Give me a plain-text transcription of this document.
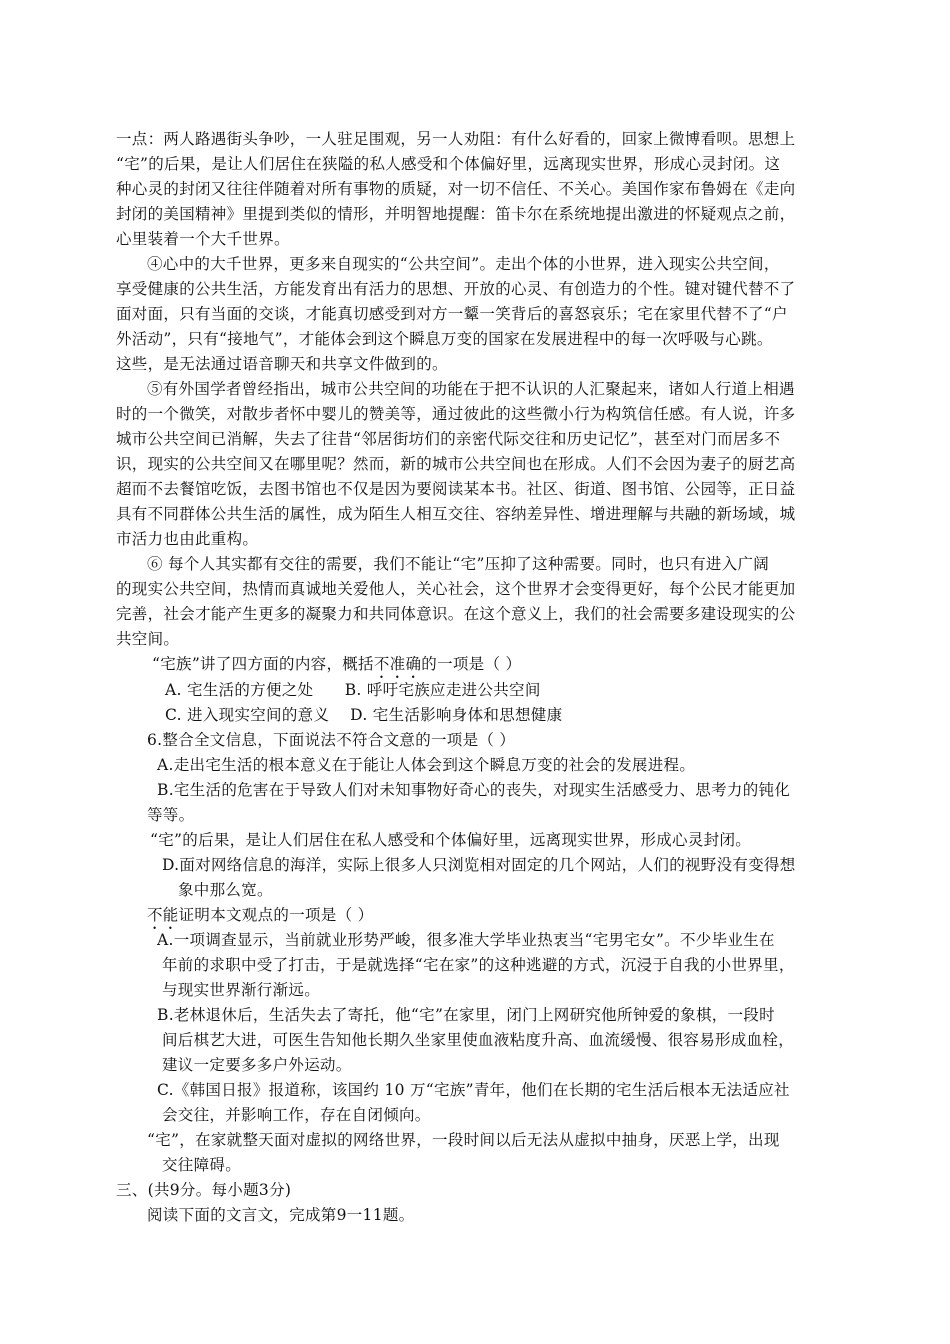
一点：两人路遇街头争吵，一人驻足围观，另一人劝阻：有什么好看的，回家上微博看呗。思想上
“宅”的后果，是让人们居住在狭隘的私人感受和个体偏好里，远离现实世界，形成心灵封闭。这
种心灵的封闭又往往伴随着对所有事物的质疑，对一切不信任、不关心。美国作家布鲁姆在《走向
封闭的美国精神》里提到类似的情形，并明智地提醒：笛卡尔在系统地提出激进的怀疑观点之前，
心里装着一个大千世界。
④心中的大千世界，更多来自现实的“公共空间”。走出个体的小世界，进入现实公共空间，
享受健康的公共生活，方能发育出有活力的思想、开放的心灵、有创造力的个性。键对键代替不了
面对面，只有当面的交谈，才能真切感受到对方一颦一笑背后的喜怒哀乐；宅在家里代替不了“户
外活动”，只有“接地气”，才能体会到这个瞬息万变的国家在发展进程中的每一次呼吸与心跳。
这些，是无法通过语音聊天和共享文件做到的。
⑤有外国学者曾经指出，城市公共空间的功能在于把不认识的人汇聚起来，诸如人行道上相遇
时的一个微笑，对散步者怀中婴儿的赞美等，通过彼此的这些微小行为构筑信任感。有人说，许多
城市公共空间已消解，失去了往昔“邻居街坊们的亲密代际交往和历史记忆”，甚至对门而居多不
识，现实的公共空间又在哪里呢？然而，新的城市公共空间也在形成。人们不会因为妻子的厨艺高
超而不去餐馆吃饭，去图书馆也不仅是因为要阅读某本书。社区、街道、图书馆、公园等，正日益
具有不同群体公共生活的属性，成为陌生人相互交往、容纳差异性、增进理解与共融的新场域，城
市活力也由此重构。
⑥ 每个人其实都有交往的需要，我们不能让“宅”压抑了这种需要。同时，也只有进入广阔
的现实公共空间，热情而真诚地关爱他人，关心社会，这个世界才会变得更好，每个公民才能更加
完善，社会才能产生更多的凝聚力和共同体意识。在这个意义上，我们的社会需要多建设现实的公
共空间。
“宅族”讲了四方面的内容，概括不准确的一项是（ ）
A. 宅生活的方便之处      B. 呼吁宅族应走进公共空间
C. 进入现实空间的意义    D. 宅生活影响身体和思想健康
6.整合全文信息，下面说法不符合文意的一项是（ ）
A.走出宅生活的根本意义在于能让人体会到这个瞬息万变的社会的发展进程。
B.宅生活的危害在于导致人们对未知事物好奇心的丧失，对现实生活感受力、思考力的钝化
等等。
“宅”的后果，是让人们居住在私人感受和个体偏好里，远离现实世界，形成心灵封闭。
D.面对网络信息的海洋，实际上很多人只浏览相对固定的几个网站，人们的视野没有变得想
象中那么宽。
不能证明本文观点的一项是（ ）
A.一项调查显示，当前就业形势严峻，很多准大学毕业热衷当“宅男宅女”。不少毕业生在
年前的求职中受了打击，于是就选择“宅在家”的这种逃避的方式，沉浸于自我的小世界里，
与现实世界渐行渐远。
B.老林退休后，生活失去了寄托，他“宅”在家里，闭门上网研究他所钟爱的象棋，一段时
间后棋艺大进，可医生告知他长期久坐家里使血液粘度升高、血流缓慢、很容易形成血栓，
建议一定要多多户外运动。
C.《韩国日报》报道称，该国约 10 万“宅族”青年，他们在长期的宅生活后根本无法适应社
会交往，并影响工作，存在自闭倾向。
“宅”，在家就整天面对虚拟的网络世界，一段时间以后无法从虚拟中抽身，厌恶上学，出现
交往障碍。
三、(共9分。每小题3分)
阅读下面的文言文，完成第9一11题。
